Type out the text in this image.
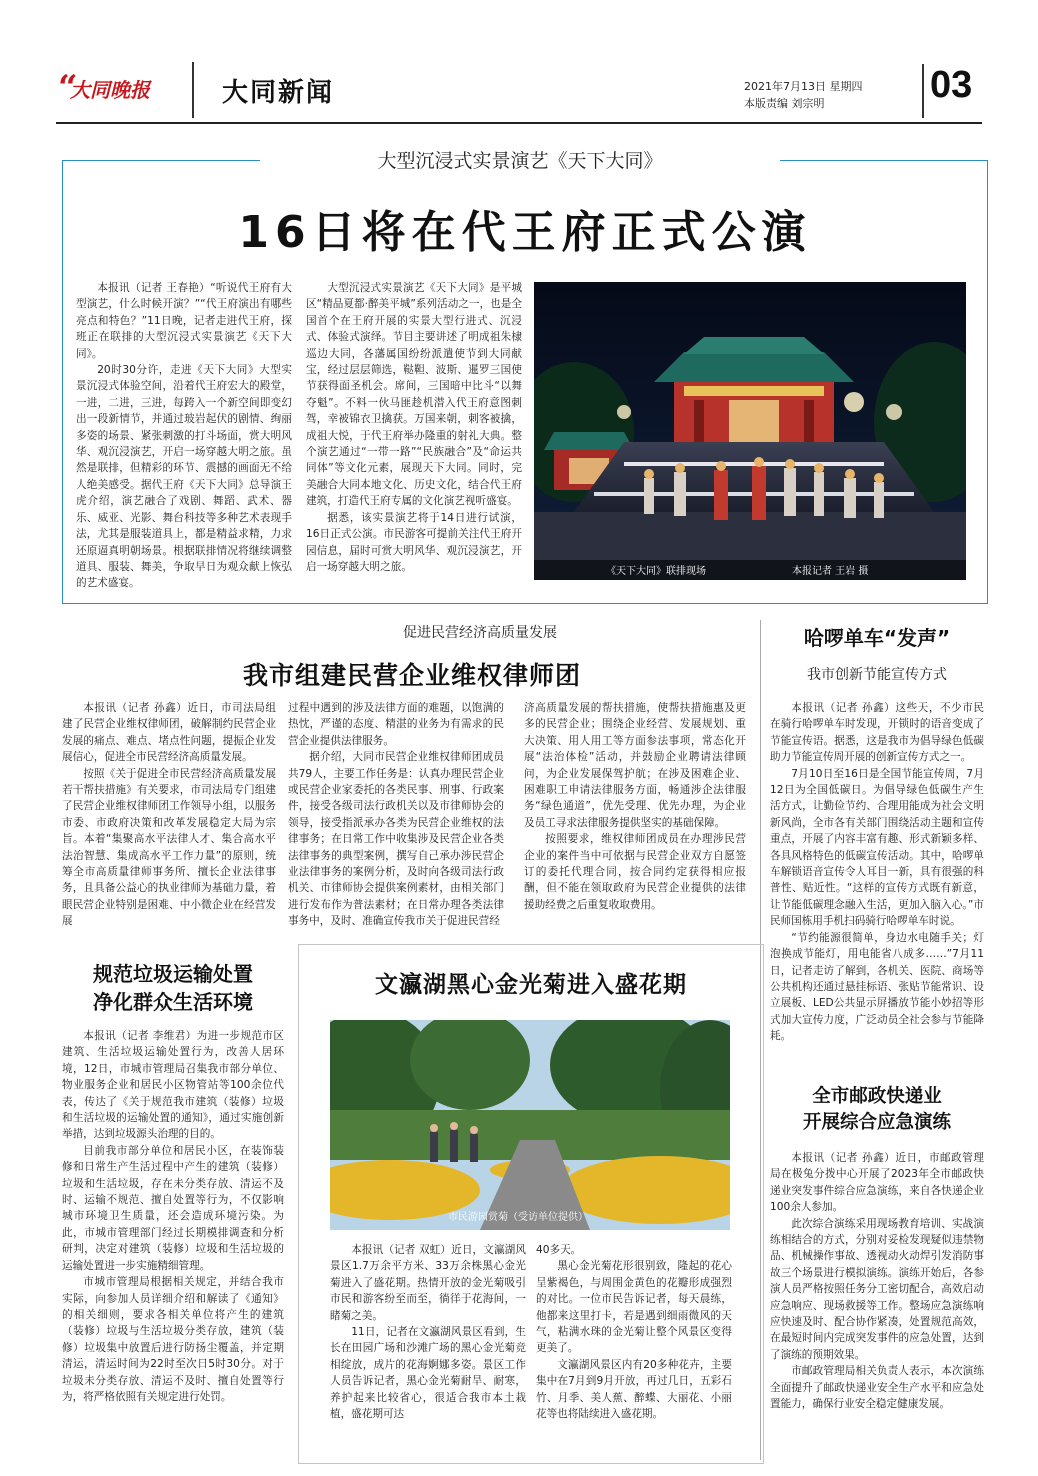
“
大同晚报	大同新闻	2021年7月13日 星期四
本版责编 刘宗明	03
大型沉浸式实景演艺《天下大同》
16日将在代王府正式公演

本报讯（记者 王春艳）“听说代王府有大型演艺，什么时候开演？”“代王府演出有哪些亮点和特色？”11日晚，记者走进代王府，探班正在联排的大型沉浸式实景演艺《天下大同》。

20时30分许，走进《天下大同》大型实景沉浸式体验空间，沿着代王府宏大的殿堂，一进，二进，三进，每跨入一个新空间即变幻出一段新情节，并通过玻岩起伏的剧情、绚丽多姿的场景、紧张刺激的打斗场面，赏大明风华、观沉浸演艺，开启一场穿越大明之旅。虽然是联排，但精彩的环节、震撼的画面无不给人绝美感受。据代王府《天下大同》总导演王虎介绍，演艺融合了戏剧、舞蹈、武术、器乐、威亚、光影、舞台科技等多种艺术表现手法，尤其是服装道具上，都是精益求精，力求还原逼真明朝场景。根据联排情况将继续调整道具、服装、舞美，争取早日为观众献上恢弘的艺术盛宴。

大型沉浸式实景演艺《天下大同》是平城区“精品夏都·醉美平城”系列活动之一，也是全国首个在王府开展的实景大型行进式、沉浸式、体验式演绎。节目主要讲述了明成祖朱棣巡边大同，各藩属国纷纷派遣使节到大同献宝，经过层层筛选，鞑靼、波斯、暹罗三国使节获得面圣机会。席间，三国暗中比斗“以舞夺魁”。不料一伙马匪趁机潜入代王府意图刺驾，幸被锦衣卫擒获。万国来朝，刺客被擒，成祖大悦，于代王府举办隆重的射礼大典。整个演艺通过“一带一路”“民族融合”及“命运共同体”等文化元素，展现天下大同。同时，完美融合大同本地文化、历史文化，结合代王府建筑，打造代王府专属的文化演艺视听盛宴。

据悉，该实景演艺将于14日进行试演，16日正式公演。市民游客可提前关注代王府开园信息，届时可赏大明风华、观沉浸演艺，开启一场穿越大明之旅。	《天下大同》联排现场	本报记者 王岩 摄
促进民营经济高质量发展
我市组建民营企业维权律师团

本报讯（记者 孙鑫）近日，市司法局组建了民营企业维权律师团，破解制约民营企业发展的痛点、难点、堵点性问题，提振企业发展信心，促进全市民营经济高质量发展。

按照《关于促进全市民营经济高质量发展若干帮扶措施》有关要求，市司法局专门组建了民营企业维权律师团工作领导小组，以服务市委、市政府决策和改革发展稳定大局为宗旨。本着“集聚高水平法律人才、集合高水平法治智慧、集成高水平工作力量”的原则，统筹全市高质量律师事务所、擅长企业法律事务，且具备公益心的执业律师为基础力量，着眼民营企业特别是困难、中小微企业在经营发展

过程中遇到的涉及法律方面的难题，以饱满的热忱，严谨的态度、精湛的业务为有需求的民营企业提供法律服务。

据介绍，大同市民营企业维权律师团成员共79人，主要工作任务是：认真办理民营企业或民营企业家委托的各类民事、刑事、行政案件，接受各级司法行政机关以及市律师协会的领导，接受指派承办各类为民营企业维权的法律事务；在日常工作中收集涉及民营企业各类法律事务的典型案例，撰写自己承办涉民营企业法律事务的案例分析，及时向各级司法行政机关、市律师协会提供案例素材，由相关部门进行发布作为普法素材；在日常办理各类法律事务中，及时、准确宣传我市关于促进民营经

济高质量发展的帮扶措施，使帮扶措施惠及更多的民营企业；围绕企业经营、发展规划、重大决策、用人用工等方面参法事项，常态化开展“法治体检”活动，并鼓励企业聘请法律顾问，为企业发展保驾护航；在涉及困难企业、困难职工申请法律服务方面，畅通涉企法律服务“绿色通道”，优先受理、优先办理，为企业及员工寻求法律服务提供坚实的基础保障。

按照要求，维权律师团成员在办理涉民营企业的案件当中可依据与民营企业双方自愿签订的委托代理合同，按合同约定获得相应报酬，但不能在领取政府为民营企业提供的法律援助经费之后重复收取费用。

哈啰单车“发声”
我市创新节能宣传方式

本报讯（记者 孙鑫）这些天，不少市民在骑行哈啰单车时发现，开锁时的语音变成了节能宣传语。据悉，这是我市为倡导绿色低碳助力节能宣传周开展的创新宣传方式之一。

7月10日至16日是全国节能宣传周，7月12日为全国低碳日。为倡导绿色低碳生产生活方式，让勤俭节约、合理用能成为社会文明新风尚，全市各有关部门围绕活动主题和宣传重点，开展了内容丰富有趣、形式新颖多样、各具风格特色的低碳宣传活动。其中，哈啰单车解锁语音宣传令人耳目一新，具有很强的科普性、贴近性。“这样的宣传方式既有新意，让节能低碳理念融入生活，更加入脑入心。”市民师国栋用手机扫码骑行哈啰单车时说。

“节约能源很简单，身边水电随手关；灯泡换成节能灯，用电能省八成多……”7月11日，记者走访了解到，各机关、医院、商场等公共机构还通过悬挂标语、张贴节能常识、设立展板、LED公共显示屏播放节能小妙招等形式加大宣传力度，广泛动员全社会参与节能降耗。

全市邮政快递业
开展综合应急演练

本报讯（记者 孙鑫）近日，市邮政管理局在极兔分拨中心开展了2023年全市邮政快递业突发事件综合应急演练，来自各快递企业100余人参加。

此次综合演练采用现场教育培训、实战演练相结合的方式，分别对妥检发现疑似违禁物品、机械操作事故、透视动火动焊引发消防事故三个场景进行模拟演练。演练开始后，各参演人员严格按照任务分工密切配合，高效启动应急响应、现场救援等工作。整场应急演练响应快速及时、配合协作紧凑，处置规范高效，在最短时间内完成突发事件的应急处置，达到了演练的预期效果。

市邮政管理局相关负责人表示，本次演练全面提升了邮政快递业安全生产水平和应急处置能力，确保行业安全稳定健康发展。

规范垃圾运输处置
净化群众生活环境

本报讯（记者 李维君）为进一步规范市区建筑、生活垃圾运输处置行为，改善人居环境，12日，市城市管理局召集我市部分单位、物业服务企业和居民小区物管站等100余位代表，传达了《关于规范我市建筑（装修）垃圾和生活垃圾的运输处置的通知》，通过实施创新举措，达到垃圾源头治理的目的。

目前我市部分单位和居民小区，在装饰装修和日常生产生活过程中产生的建筑（装修）垃圾和生活垃圾，存在未分类存放、清运不及时、运输不规范、擅自处置等行为，不仅影响城市环境卫生质量，还会造成环境污染。为此，市城市管理部门经过长期模排调查和分析研判，决定对建筑（装修）垃圾和生活垃圾的运输处置进一步实施精细管理。

市城市管理局根据相关规定，并结合我市实际，向参加人员详细介绍和解读了《通知》的相关细则，要求各相关单位将产生的建筑（装修）垃圾与生活垃圾分类存放，建筑（装修）垃圾集中放置后进行防扬尘覆盖，并定期清运，清运时间为22时至次日5时30分。对于垃圾未分类存放、清运不及时、擅自处置等行为，将严格依照有关规定进行处罚。

文瀛湖黑心金光菊进入盛花期
市民游园赏菊（受访单位提供）

本报讯（记者 双虹）近日，文瀛湖风景区1.7万余平方米、33万余株黑心金光菊进入了盛花期。热情开放的金光菊吸引市民和游客纷至而至，徜徉于花海间，一睹菊之美。

11日，记者在文瀛湖风景区看到，生长在田园广场和沙滩广场的黑心金光菊竞相绽放，成片的花海婀娜多姿。景区工作人员告诉记者，黑心金光菊耐旱、耐寒，养护起来比较省心，很适合我市本土栽植，盛花期可达

40多天。

黑心金光菊花形很别致，隆起的花心呈紫褐色，与周围金黄色的花瓣形成强烈的对比。一位市民告诉记者，每天晨练，他都来这里打卡，若是遇到细雨微风的天气，粘满水珠的金光菊让整个风景区变得更美了。

文瀛湖风景区内有20多种花卉，主要集中在7月到9月开放，再过几日，五彩石竹、月季、美人蕉、醉蝶、大丽花、小丽花等也将陆续进入盛花期。
